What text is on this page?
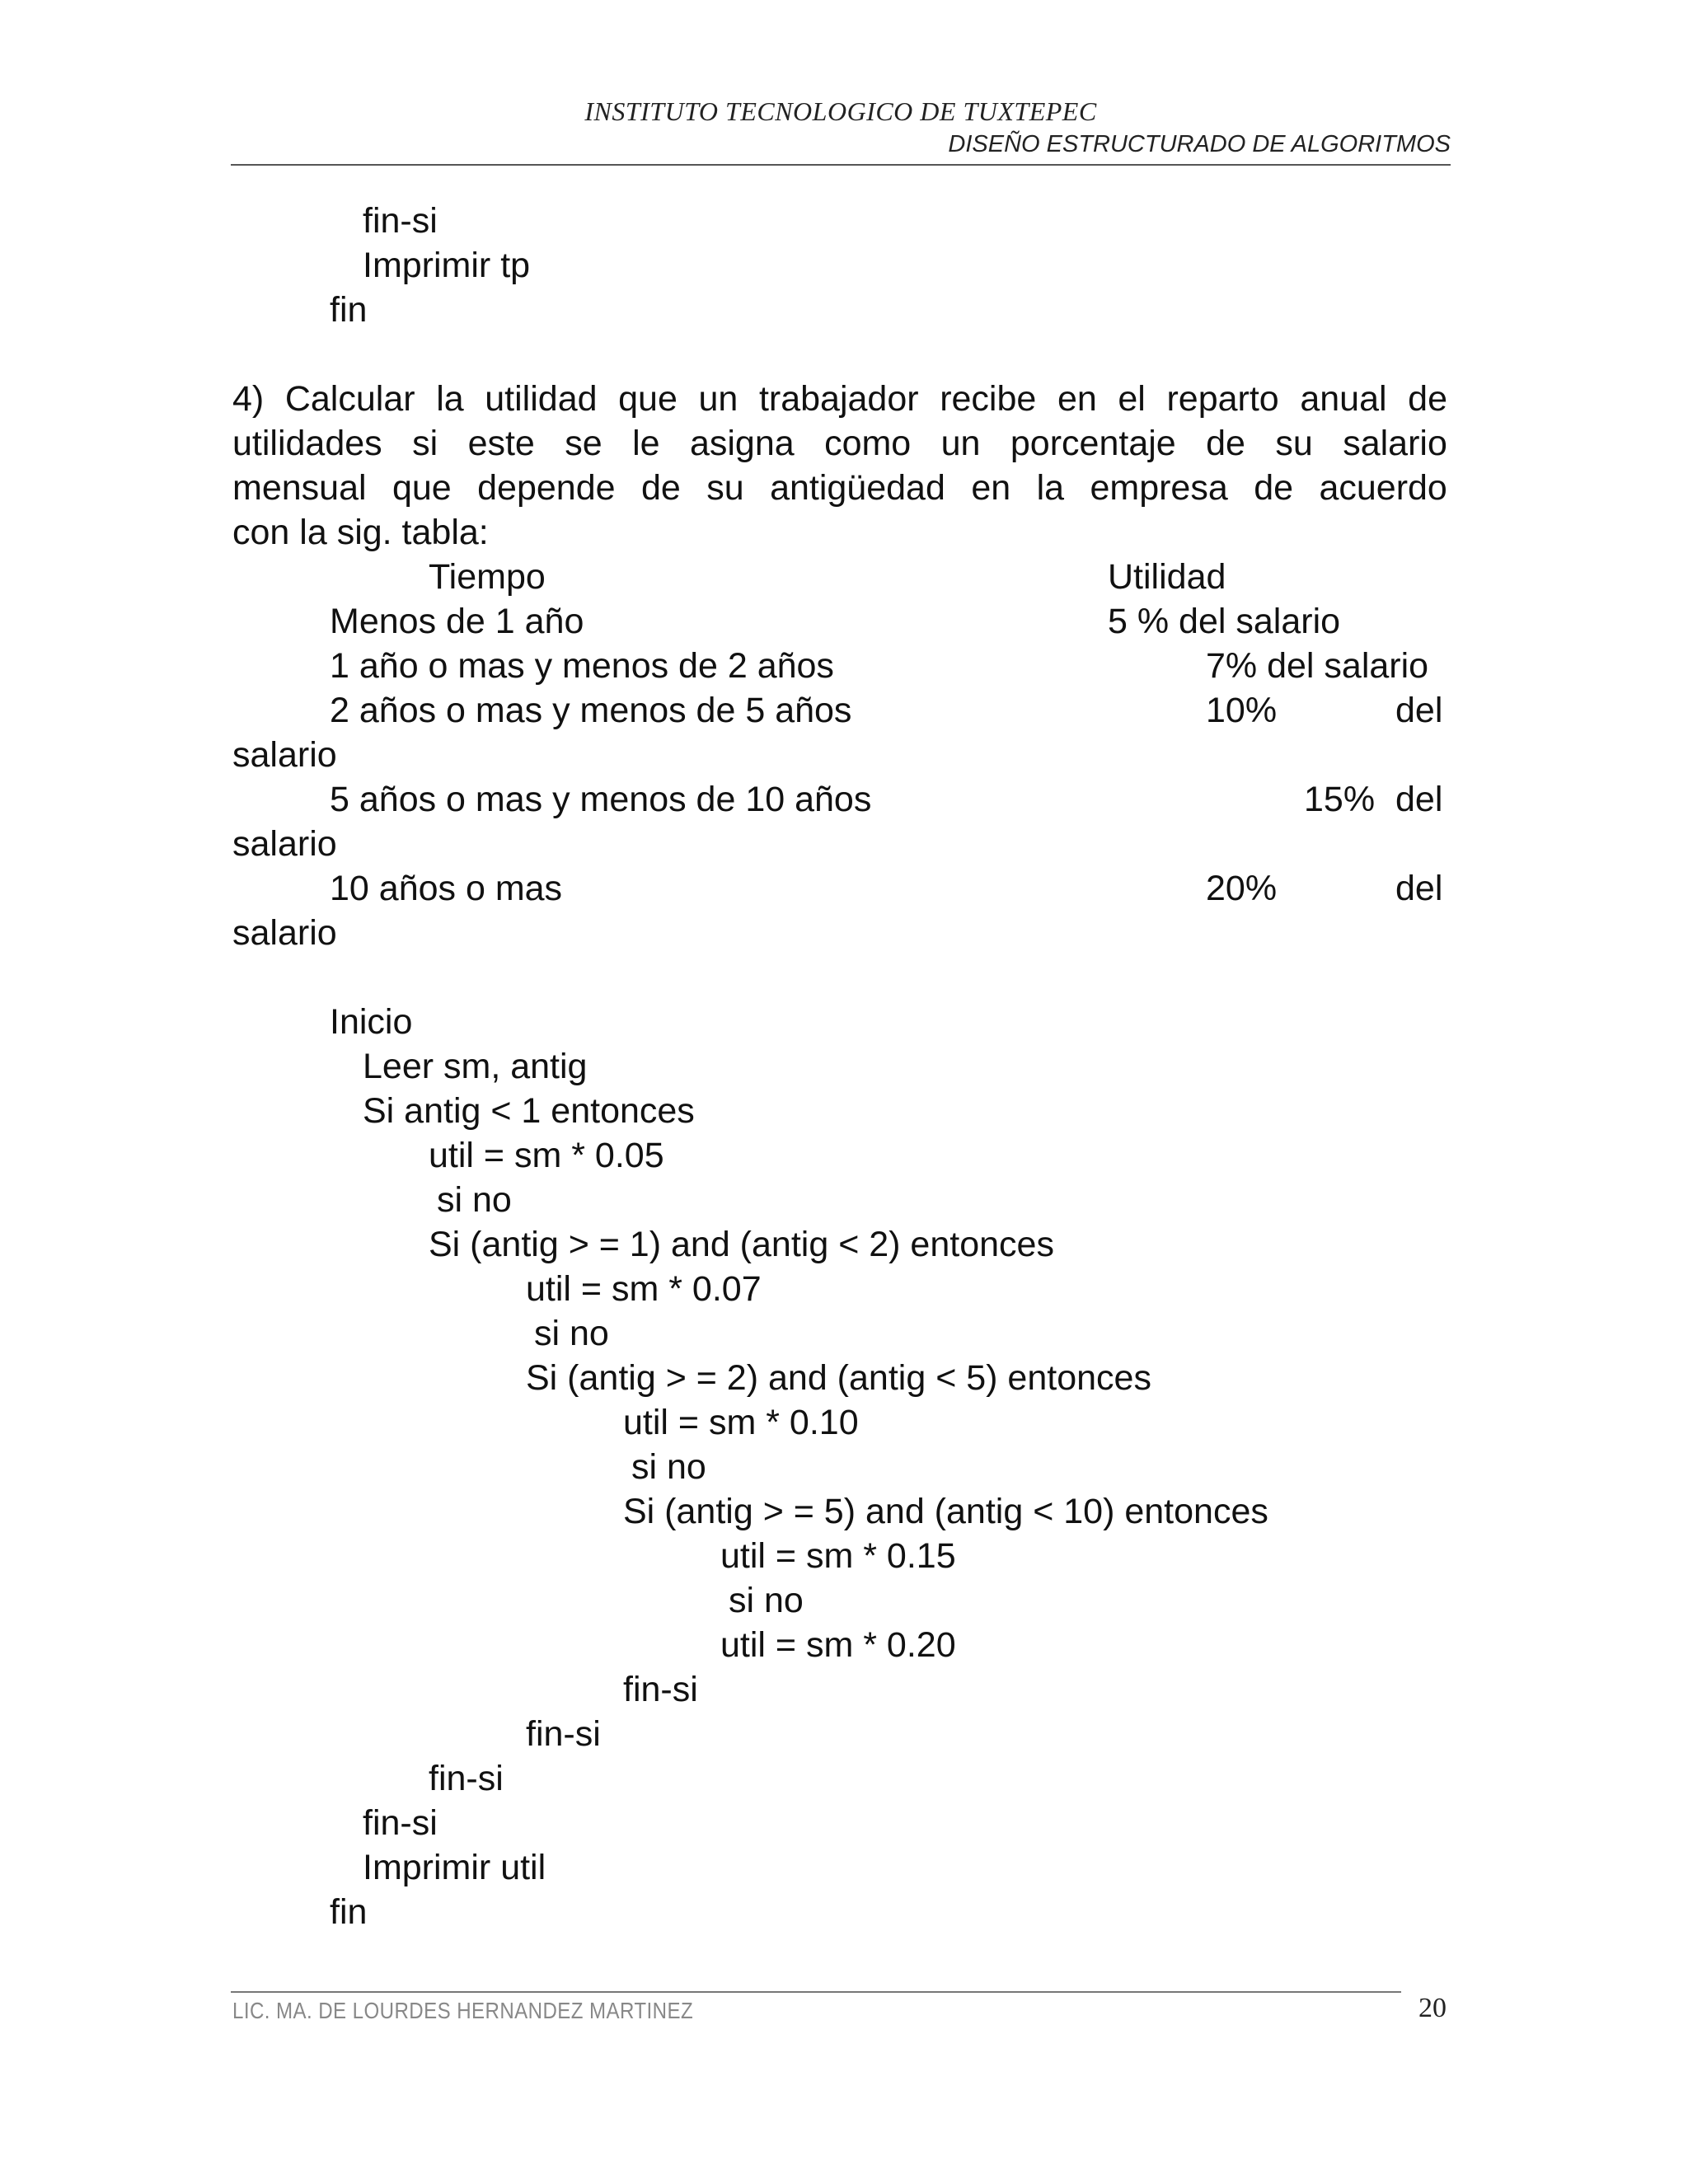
INSTITUTO TECNOLOGICO DE TUXTEPEC
DISEÑO ESTRUCTURADO DE ALGORITMOS
fin-si
Imprimir tp
fin
4) Calcular la utilidad que un trabajador recibe en el reparto anual de
utilidades si este se le asigna como un porcentaje de su salario
mensual que depende de su antigüedad en la empresa de acuerdo
con la sig. tabla:
Tiempo	Utilidad
Menos de 1 año	5 % del salario
1 año o mas y menos de 2 años	7% del salario
2 años o mas y menos de 5 años	10%	del
salario
5 años o mas y menos de 10 años	15% del
salario
10 años o mas	20%	del
salario
Inicio
Leer sm, antig
Si antig < 1 entonces
util = sm * 0.05
si no
Si (antig > = 1) and (antig < 2) entonces
util = sm * 0.07
si no
Si (antig > = 2) and (antig < 5) entonces
util = sm * 0.10
si no
Si (antig > = 5) and (antig < 10) entonces
util = sm * 0.15
si no
util = sm * 0.20
fin-si
fin-si
fin-si
fin-si
Imprimir util
fin
LIC. MA. DE LOURDES HERNANDEZ MARTINEZ	20
